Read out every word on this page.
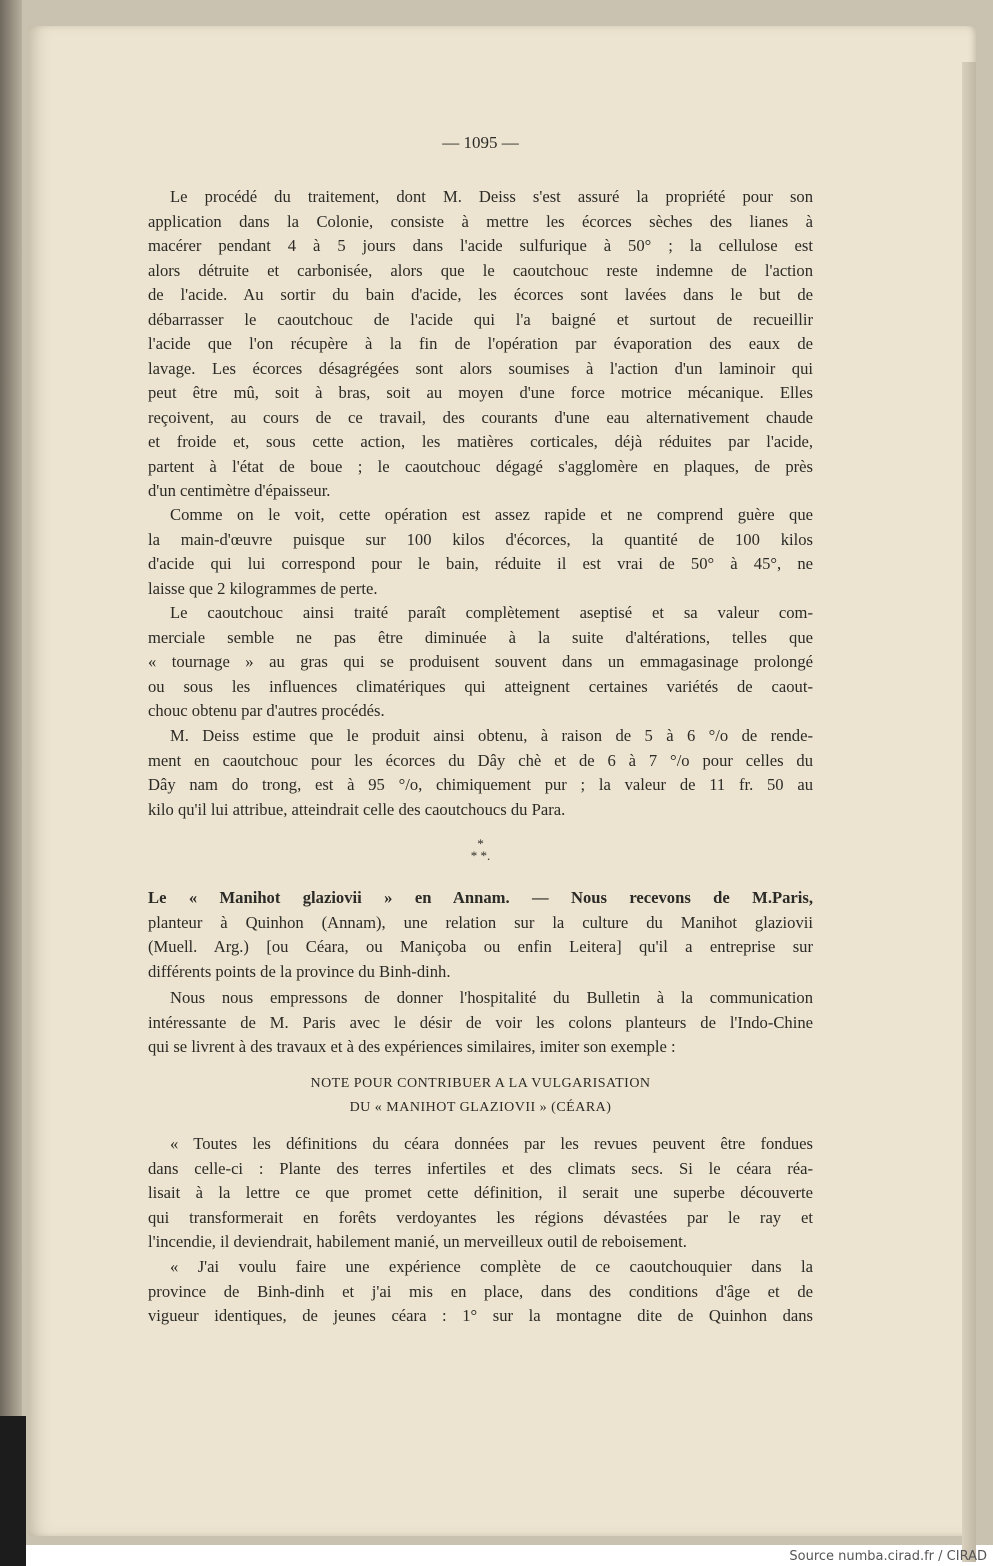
— 1095 —
Le procédé du traitement, dont M. Deiss s'est assuré la propriété pour son
application dans la Colonie, consiste à mettre les écorces sèches des lianes à
macérer pendant 4 à 5 jours dans l'acide sulfurique à 50° ; la cellulose est
alors détruite et carbonisée, alors que le caoutchouc reste indemne de l'action
de l'acide. Au sortir du bain d'acide, les écorces sont lavées dans le but de
débarrasser le caoutchouc de l'acide qui l'a baigné et surtout de recueillir
l'acide que l'on récupère à la fin de l'opération par évaporation des eaux de
lavage. Les écorces désagrégées sont alors soumises à l'action d'un laminoir qui
peut être mû, soit à bras, soit au moyen d'une force motrice mécanique. Elles
reçoivent, au cours de ce travail, des courants d'une eau alternativement chaude
et froide et, sous cette action, les matières corticales, déjà réduites par l'acide,
partent à l'état de boue ; le caoutchouc dégagé s'agglomère en plaques, de près
d'un centimètre d'épaisseur.
Comme on le voit, cette opération est assez rapide et ne comprend guère que
la main-d'œuvre puisque sur 100 kilos d'écorces, la quantité de 100 kilos
d'acide qui lui correspond pour le bain, réduite il est vrai de 50° à 45°, ne
laisse que 2 kilogrammes de perte.
Le caoutchouc ainsi traité paraît complètement aseptisé et sa valeur com-
merciale semble ne pas être diminuée à la suite d'altérations, telles que
« tournage » au gras qui se produisent souvent dans un emmagasinage prolongé
ou sous les influences climatériques qui atteignent certaines variétés de caout-
chouc obtenu par d'autres procédés.
M. Deiss estime que le produit ainsi obtenu, à raison de 5 à 6 °/o de rende-
ment en caoutchouc pour les écorces du Dây chè et de 6 à 7 °/o pour celles du
Dây nam do trong, est à 95 °/o, chimiquement pur ; la valeur de 11 fr. 50 au
kilo qu'il lui attribue, atteindrait celle des caoutchoucs du Para.
*
* *.
Le « Manihot glaziovii » en Annam. — Nous recevons de M.Paris,
planteur à Quinhon (Annam), une relation sur la culture du Manihot glaziovii
(Muell. Arg.) [ou Céara, ou Maniçoba ou enfin Leitera] qu'il a entreprise sur
différents points de la province du Binh-dinh.
Nous nous empressons de donner l'hospitalité du Bulletin à la communication
intéressante de M. Paris avec le désir de voir les colons planteurs de l'Indo-Chine
qui se livrent à des travaux et à des expériences similaires, imiter son exemple :
NOTE POUR CONTRIBUER A LA VULGARISATION
DU « MANIHOT GLAZIOVII » (CÉARA)
« Toutes les définitions du céara données par les revues peuvent être fondues
dans celle-ci : Plante des terres infertiles et des climats secs. Si le céara réa-
lisait à la lettre ce que promet cette définition, il serait une superbe découverte
qui transformerait en forêts verdoyantes les régions dévastées par le ray et
l'incendie, il deviendrait, habilement manié, un merveilleux outil de reboisement.
« J'ai voulu faire une expérience complète de ce caoutchouquier dans la
province de Binh-dinh et j'ai mis en place, dans des conditions d'âge et de
vigueur identiques, de jeunes céara : 1° sur la montagne dite de Quinhon dans
Source numba.cirad.fr / CIRAD
